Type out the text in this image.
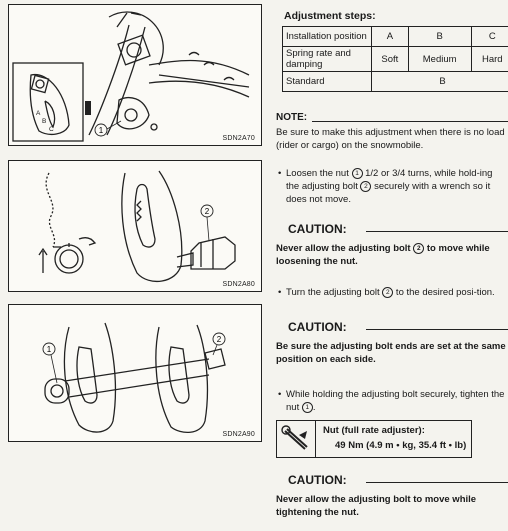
1
A
B
C
SDN2A70
2
SDN2A80
1
2
SDN2A90
Adjustment steps:
Installation position	A	B	C
Spring rate and damping	Soft	Medium	Hard
Standard	B		
NOTE:
Be sure to make this adjustment when there is no load (rider or cargo) on the snowmobile.
• Loosen the nut 1 1/2 or 3/4 turns, while hold-ing the adjusting bolt 2 securely with a wrench so it does not move.
CAUTION:
Never allow the adjusting bolt 2 to move while loosening the nut.
• Turn the adjusting bolt 2 to the desired posi-tion.
CAUTION:
Be sure the adjusting bolt ends are set at the same position on each side.
• While holding the adjusting bolt securely, tighten the nut 1 .
Nut (full rate adjuster):
49 Nm (4.9 m • kg, 35.4 ft • lb)
CAUTION:
Never allow the adjusting bolt to move while tightening the nut.
